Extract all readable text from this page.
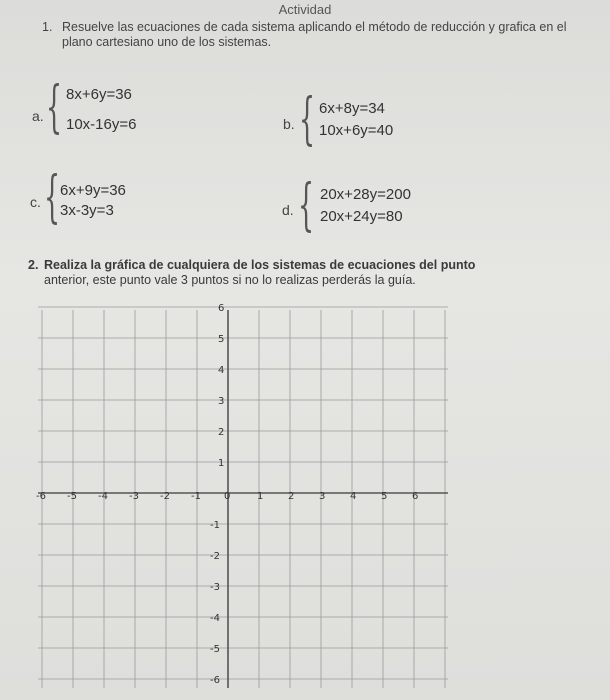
Actividad
1. Resuelve las ecuaciones de cada sistema aplicando el método de reducción y grafica en el plano cartesiano uno de los sistemas.
a. { 8x+6y=36
10x-16y=6	b. { 6x+8y=34
10x+6y=40
c. { 6x+9y=36
3x-3y=3	d. { 20x+28y=200
20x+24y=80
2. Realiza la gráfica de cualquiera de los sistemas de ecuaciones del punto
anterior, este punto vale 3 puntos si no lo realizas perderás la guía.
-6 -5 -4 -3 -2 -1 0	1 2 3 4 5 6
6
5
4
3
2
1
-1
-2
-3
-4
-5
-6
